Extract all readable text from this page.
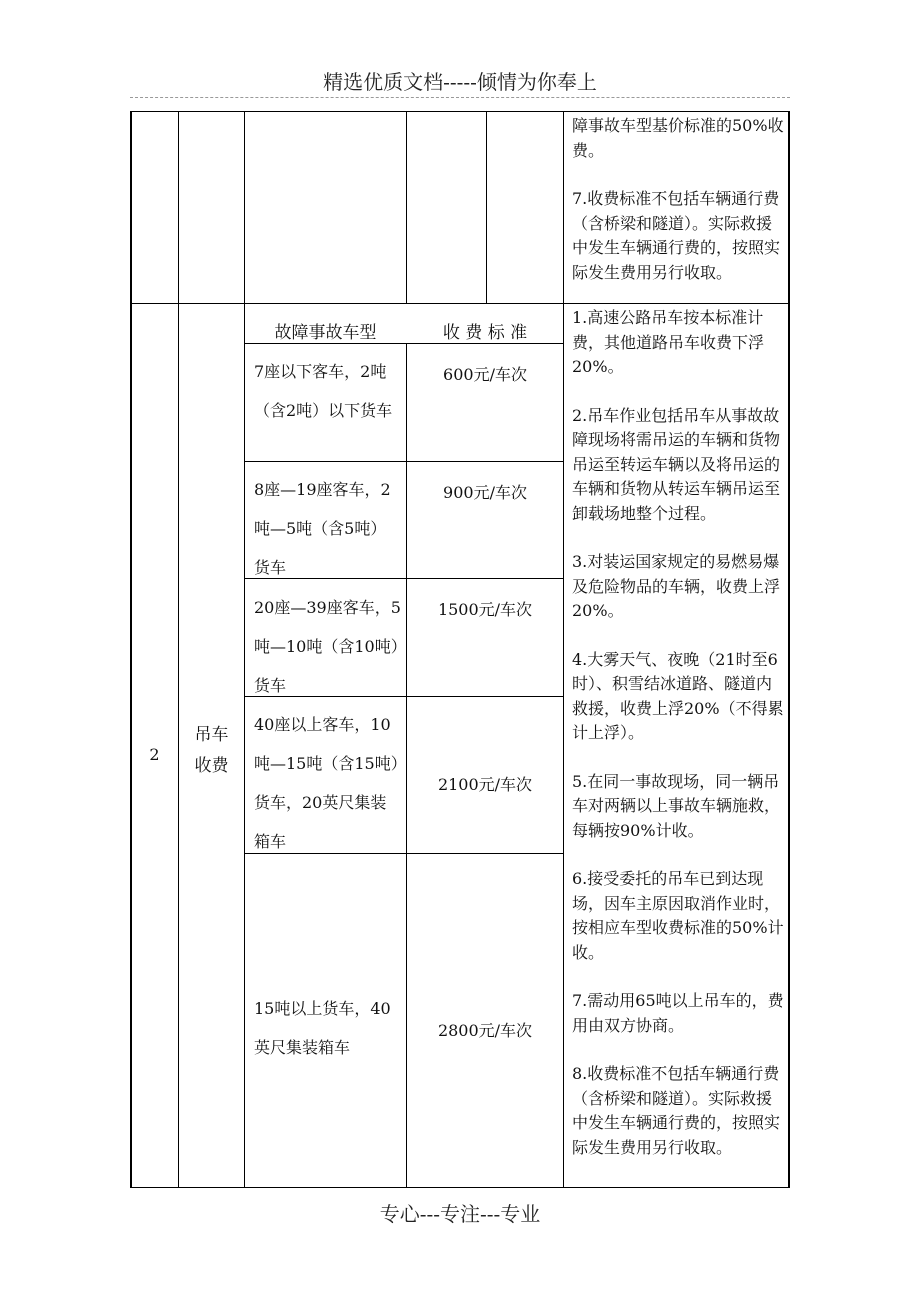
精选优质文档-----倾情为你奉上
障事故车型基价标准的50%收费。
7.收费标准不包括车辆通行费（含桥梁和隧道）。实际救援中发生车辆通行费的，按照实际发生费用另行收取。
2
吊车
收费
故障事故车型	收 费 标 准
7座以下客车，2吨（含2吨）以下货车
8座—19座客车，2吨—5吨（含5吨）货车
20座—39座客车，5吨—10吨（含10吨）货车
40座以上客车，10吨—15吨（含15吨）货车，20英尺集装箱车
15吨以上货车，40英尺集装箱车
600元/车次
900元/车次
1500元/车次
2100元/车次
2800元/车次
1.高速公路吊车按本标准计费，其他道路吊车收费下浮20%。
2.吊车作业包括吊车从事故故障现场将需吊运的车辆和货物吊运至转运车辆以及将吊运的车辆和货物从转运车辆吊运至卸载场地整个过程。
3.对装运国家规定的易燃易爆及危险物品的车辆，收费上浮20%。
4.大雾天气、夜晚（21时至6时）、积雪结冰道路、隧道内救援，收费上浮20%（不得累计上浮）。
5.在同一事故现场，同一辆吊车对两辆以上事故车辆施救，每辆按90%计收。
6.接受委托的吊车已到达现场，因车主原因取消作业时，按相应车型收费标准的50%计收。
7.需动用65吨以上吊车的，费用由双方协商。
8.收费标准不包括车辆通行费（含桥梁和隧道）。实际救援中发生车辆通行费的，按照实际发生费用另行收取。
专心---专注---专业
